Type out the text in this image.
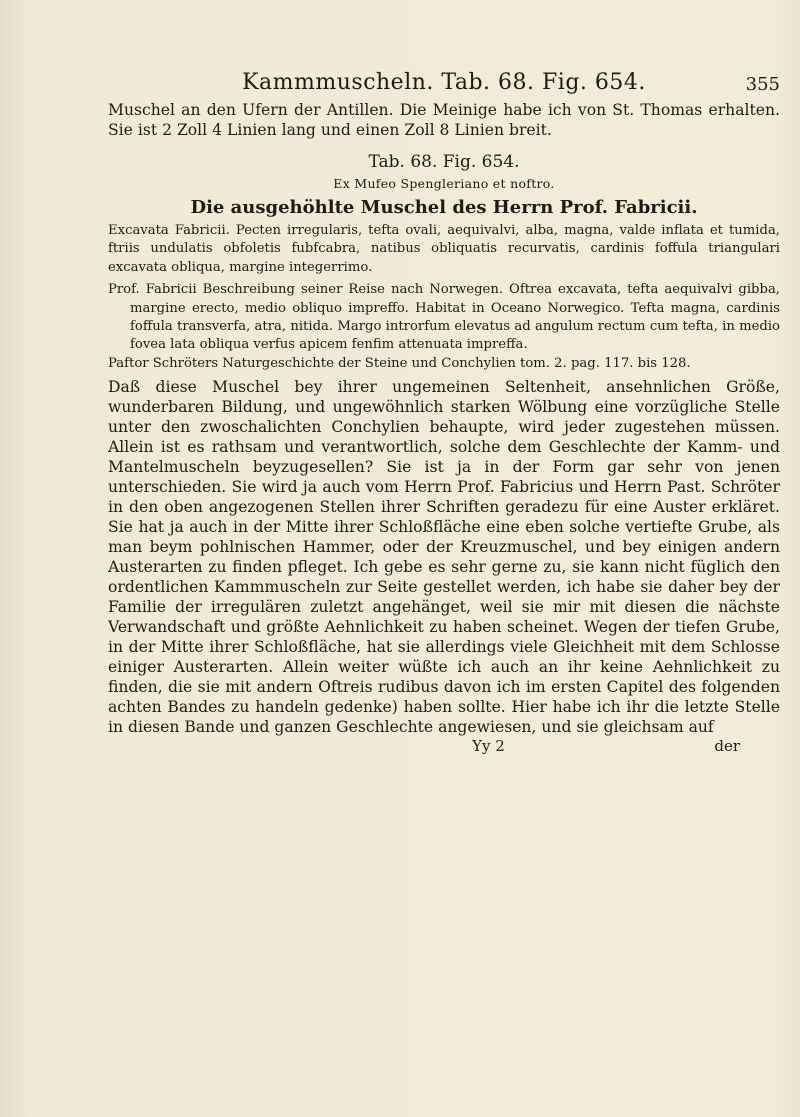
Kammmuscheln. Tab. 68. Fig. 654.	355

Muschel an den Ufern der Antillen. Die Meinige habe ich von St. Thomas erhalten. Sie ist 2 Zoll 4 Linien lang und einen Zoll 8 Linien breit.

Tab. 68. Fig. 654.

Ex Mufeo Spengleriano et noftro.

Die ausgehöhlte Muschel des Herrn Prof. Fabricii.

Excavata Fabricii. Pecten irregularis, tefta ovali, aequivalvi, alba, magna, valde inflata et tumida, ftriis undulatis obfoletis fubfcabra, natibus obliquatis recurvatis, cardinis foffula triangulari excavata obliqua, margine integerrimo.

Prof. Fabricii Beschreibung seiner Reise nach Norwegen. Oftrea excavata, tefta aequivalvi gibba, margine erecto, medio obliquo impreffo. Habitat in Oceano Norwegico. Tefta magna, cardinis foffula transverfa, atra, nitida. Margo introrfum elevatus ad angulum rectum cum tefta, in medio fovea lata obliqua verfus apicem fenfim attenuata impreffa.

Paftor Schröters Naturgeschichte der Steine und Conchylien tom. 2. pag. 117. bis 128.

Daß diese Muschel bey ihrer ungemeinen Seltenheit, ansehnlichen Größe, wunderbaren Bildung, und ungewöhnlich starken Wölbung eine vorzügliche Stelle unter den zwoschalichten Conchylien behaupte, wird jeder zugestehen müssen. Allein ist es rathsam und verantwortlich, solche dem Geschlechte der Kamm- und Mantelmuscheln beyzugesellen? Sie ist ja in der Form gar sehr von jenen unterschieden. Sie wird ja auch vom Herrn Prof. Fabricius und Herrn Past. Schröter in den oben angezogenen Stellen ihrer Schriften geradezu für eine Auster erkläret. Sie hat ja auch in der Mitte ihrer Schloßfläche eine eben solche vertiefte Grube, als man beym pohlnischen Hammer, oder der Kreuzmuschel, und bey einigen andern Austerarten zu finden pfleget. Ich gebe es sehr gerne zu, sie kann nicht füglich den ordentlichen Kammmuscheln zur Seite gestellet werden, ich habe sie daher bey der Familie der irregulären zuletzt angehänget, weil sie mir mit diesen die nächste Verwandschaft und größte Aehnlichkeit zu haben scheinet. Wegen der tiefen Grube, in der Mitte ihrer Schloßfläche, hat sie allerdings viele Gleichheit mit dem Schlosse einiger Austerarten. Allein weiter wüßte ich auch an ihr keine Aehnlichkeit zu finden, die sie mit andern Oftreis rudibus davon ich im ersten Capitel des folgenden achten Bandes zu handeln gedenke) haben sollte. Hier habe ich ihr die letzte Stelle in diesen Bande und ganzen Geschlechte angewiesen, und sie gleichsam auf

Yy 2	der
